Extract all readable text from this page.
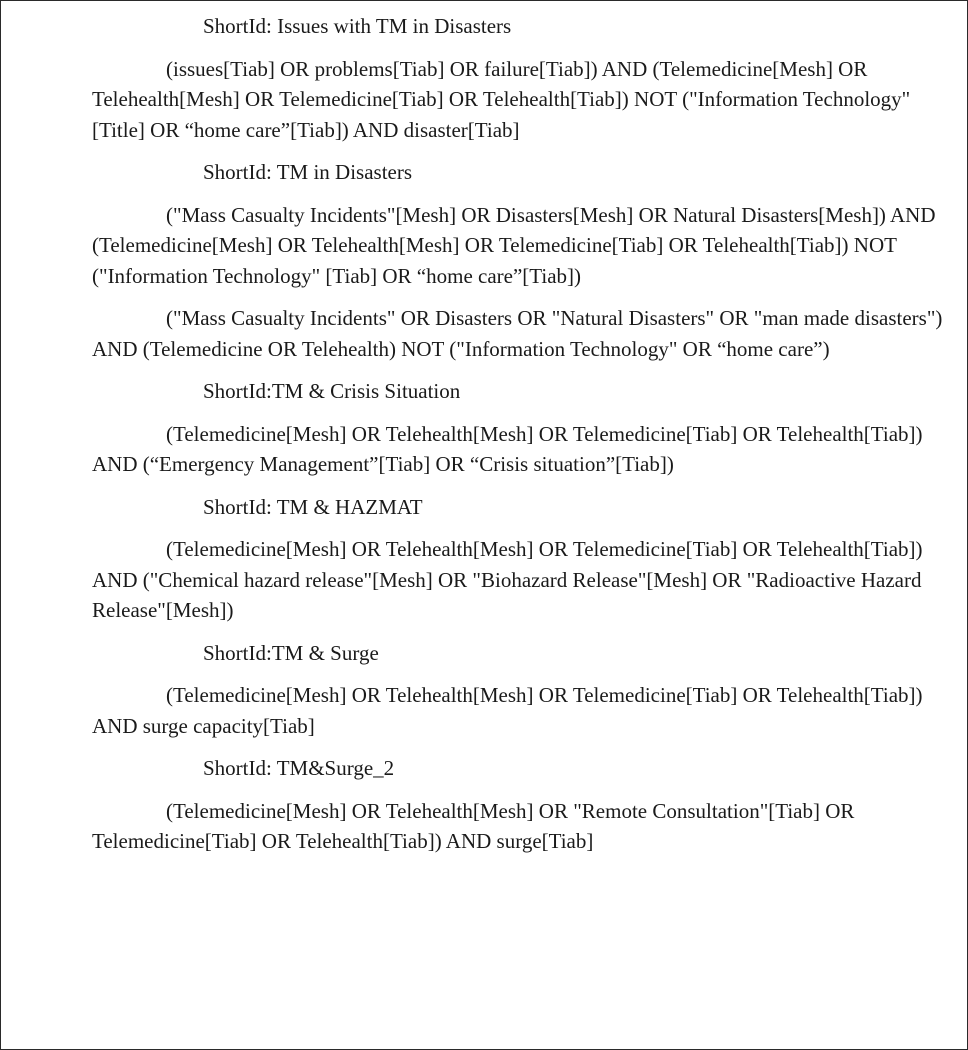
ShortId: Issues with TM in Disasters

(issues[Tiab] OR problems[Tiab] OR failure[Tiab]) AND (Telemedicine[Mesh] OR Telehealth[Mesh] OR Telemedicine[Tiab] OR Telehealth[Tiab]) NOT ("Information Technology" [Title] OR “home care”[Tiab]) AND disaster[Tiab]

ShortId: TM in Disasters

("Mass Casualty Incidents"[Mesh] OR Disasters[Mesh] OR Natural Disasters[Mesh]) AND (Telemedicine[Mesh] OR Telehealth[Mesh] OR Telemedicine[Tiab] OR Telehealth[Tiab]) NOT ("Information Technology" [Tiab] OR “home care”[Tiab])

("Mass Casualty Incidents" OR Disasters OR "Natural Disasters" OR "man made disasters") AND (Telemedicine OR Telehealth) NOT ("Information Technology" OR “home care”)

ShortId:TM & Crisis Situation

(Telemedicine[Mesh] OR Telehealth[Mesh] OR Telemedicine[Tiab] OR Telehealth[Tiab]) AND (“Emergency Management”[Tiab] OR “Crisis situation”[Tiab])

ShortId: TM & HAZMAT

(Telemedicine[Mesh] OR Telehealth[Mesh] OR Telemedicine[Tiab] OR Telehealth[Tiab]) AND ("Chemical hazard release"[Mesh] OR "Biohazard Release"[Mesh] OR "Radioactive Hazard Release"[Mesh])

ShortId:TM & Surge

(Telemedicine[Mesh] OR Telehealth[Mesh] OR Telemedicine[Tiab] OR Telehealth[Tiab]) AND surge capacity[Tiab]

ShortId: TM&Surge_2

(Telemedicine[Mesh] OR Telehealth[Mesh] OR "Remote Consultation"[Tiab] OR Telemedicine[Tiab] OR Telehealth[Tiab]) AND surge[Tiab]
